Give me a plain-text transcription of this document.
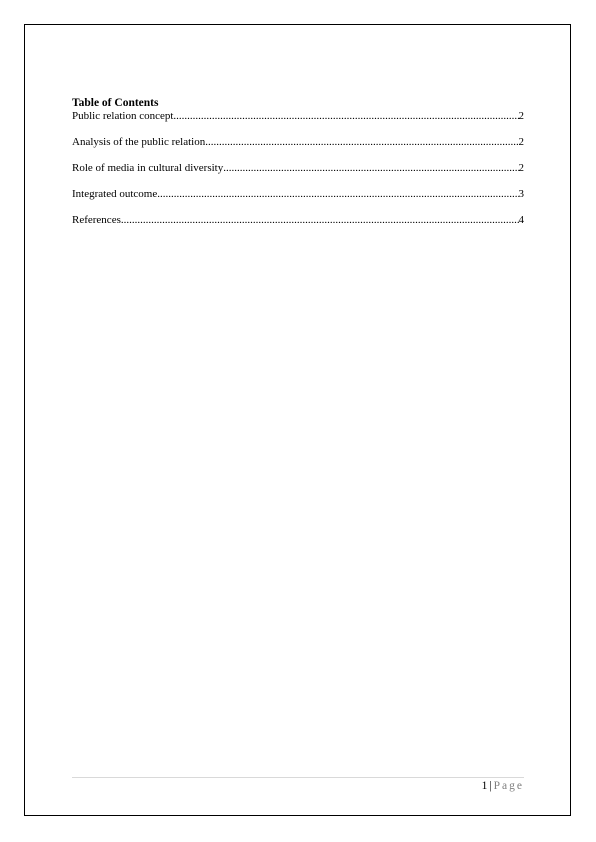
Table of Contents

Public relation concept .....	2
Analysis of the public relation .....	2
Role of media in cultural diversity .....	2
Integrated outcome .....	3
References .....	4
1 | Page
